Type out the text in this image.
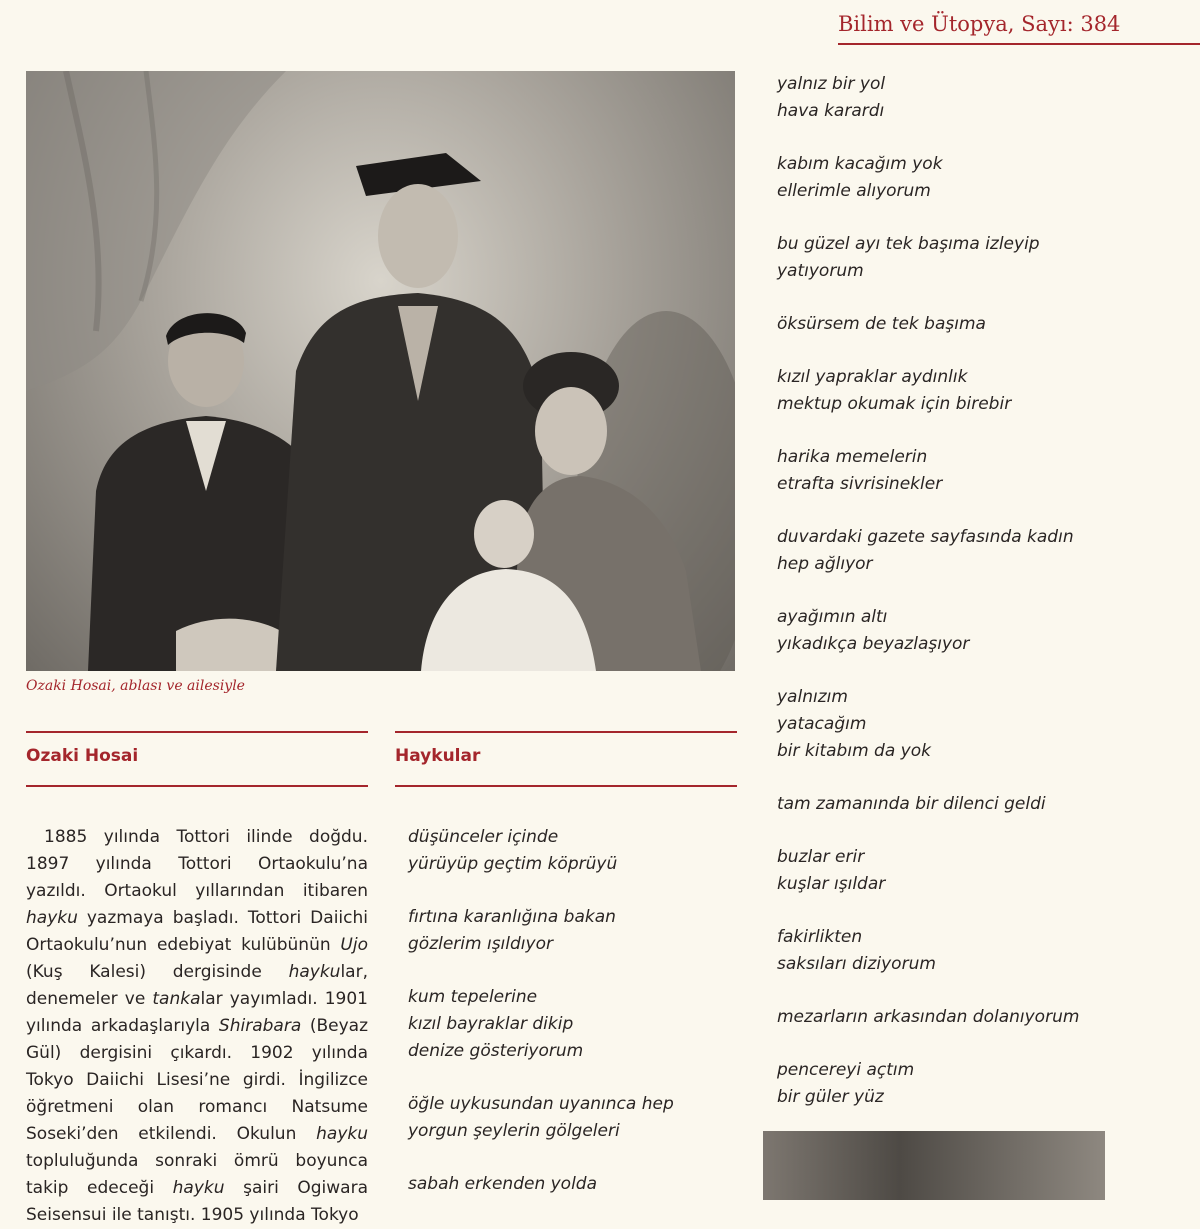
Bilim ve Ütopya, Sayı: 384
Ozaki Hosai, ablası ve ailesiyle
Ozaki Hosai

1885 yılında Tottori ilinde doğdu. 1897 yılında Tottori Ortaokulu’na yazıldı. Ortaokul yıllarından itibaren hayku yazmaya başladı. Tottori Daiichi Ortaokulu’nun edebiyat kulübünün Ujo (Kuş Kalesi) dergisinde haykular, denemeler ve tankalar yayımladı. 1901 yılında arkadaşlarıyla Shirabara (Beyaz Gül) dergisini çıkardı. 1902 yılında Tokyo Daiichi Lisesi’ne girdi. İngilizce öğretmeni olan romancı Natsume Soseki’den etkilendi. Okulun hayku topluluğunda sonraki ömrü boyunca takip edeceği hayku şairi Ogiwara Seisensui ile tanıştı. 1905 yılında Tokyo

Haykular
düşünceler içinde
yürüyüp geçtim köprüyü
fırtına karanlığına bakan
gözlerim ışıldıyor
kum tepelerine
kızıl bayraklar dikip
denize gösteriyorum
öğle uykusundan uyanınca hep
yorgun şeylerin gölgeleri
sabah erkenden yolda
yalnız bir yol
hava karardı
kabım kacağım yok
ellerimle alıyorum
bu güzel ayı tek başıma izleyip
yatıyorum
öksürsem de tek başıma
kızıl yapraklar aydınlık
mektup okumak için birebir
harika memelerin
etrafta sivrisinekler
duvardaki gazete sayfasında kadın
hep ağlıyor
ayağımın altı
yıkadıkça beyazlaşıyor
yalnızım
yatacağım
bir kitabım da yok
tam zamanında bir dilenci geldi
buzlar erir
kuşlar ışıldar
fakirlikten
saksıları diziyorum
mezarların arkasından dolanıyorum
pencereyi açtım
bir güler yüz
